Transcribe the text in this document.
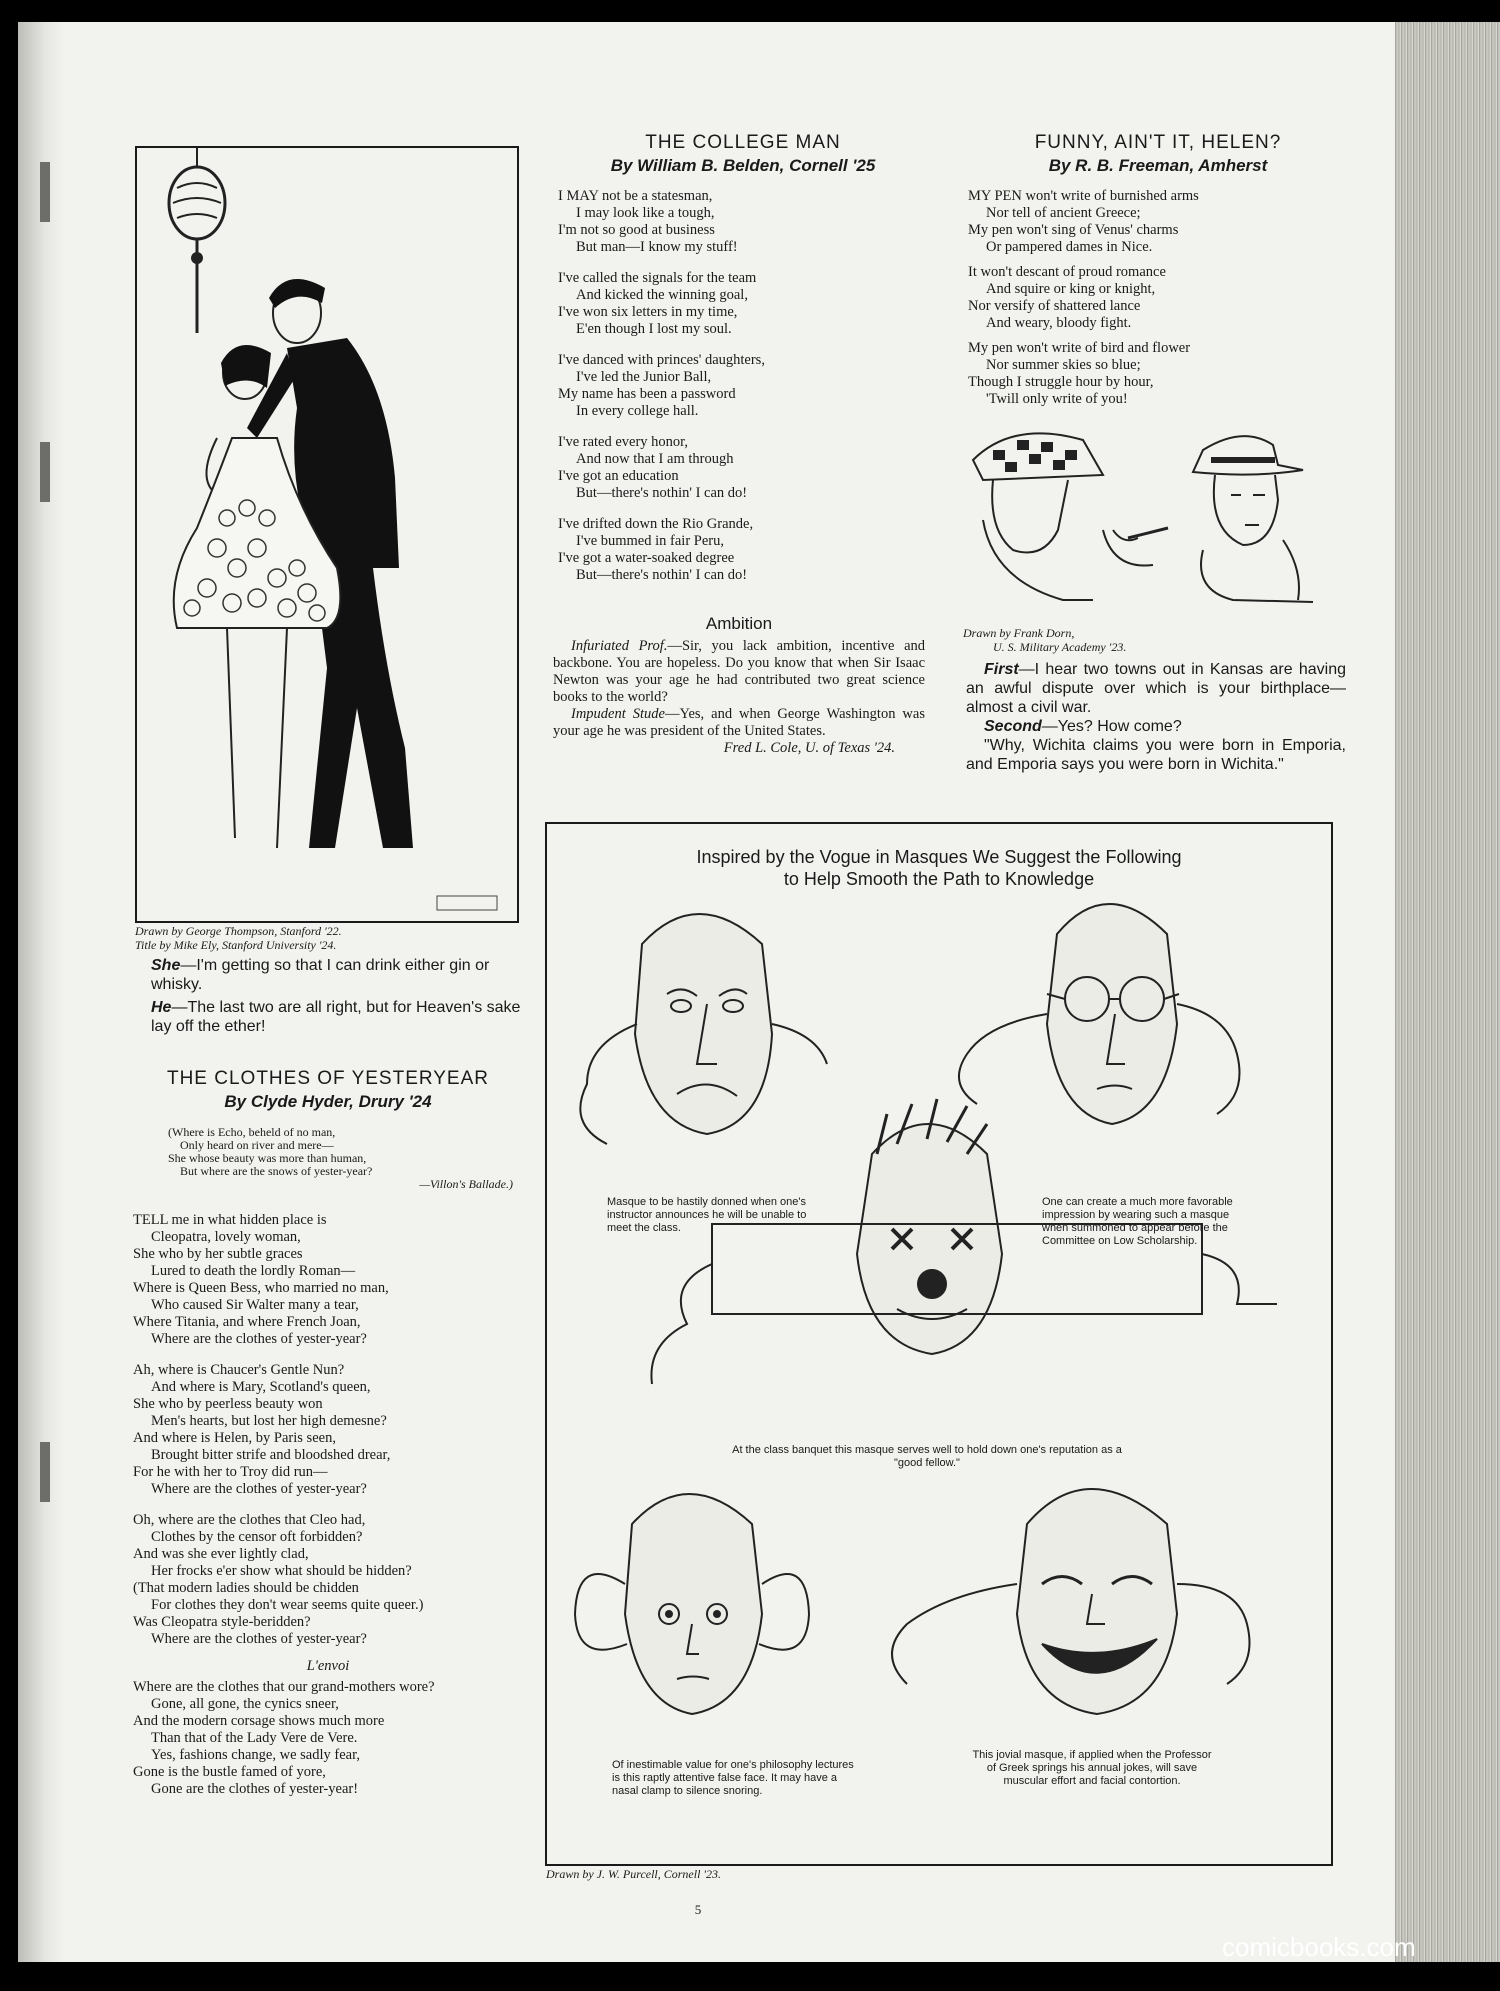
Drawn by George Thompson, Stanford '22.
Title by Mike Ely, Stanford University '24.
She—I'm getting so that I can drink either gin or whisky.
He—The last two are all right, but for Heaven's sake lay off the ether!
THE CLOTHES OF YESTERYEAR
By Clyde Hyder, Drury '24
(Where is Echo, beheld of no man,
Only heard on river and mere—
She whose beauty was more than human,
But where are the snows of yester-year?
—Villon's Ballade.)

TELL me in what hidden place is

Cleopatra, lovely woman,

She who by her subtle graces

Lured to death the lordly Roman—

Where is Queen Bess, who married no man,

Who caused Sir Walter many a tear,

Where Titania, and where French Joan,

Where are the clothes of yester-year?

Ah, where is Chaucer's Gentle Nun?

And where is Mary, Scotland's queen,

She who by peerless beauty won

Men's hearts, but lost her high demesne?

And where is Helen, by Paris seen,

Brought bitter strife and bloodshed drear,

For he with her to Troy did run—

Where are the clothes of yester-year?

Oh, where are the clothes that Cleo had,

Clothes by the censor oft forbidden?

And was she ever lightly clad,

Her frocks e'er show what should be hidden?

(That modern ladies should be chidden

For clothes they don't wear seems quite queer.)

Was Cleopatra style-beridden?

Where are the clothes of yester-year?

L'envoi

Where are the clothes that our grand-mothers wore?

Gone, all gone, the cynics sneer,

And the modern corsage shows much more

Than that of the Lady Vere de Vere.

Yes, fashions change, we sadly fear,

Gone is the bustle famed of yore,

Gone are the clothes of yester-year!

THE COLLEGE MAN
By William B. Belden, Cornell '25

I MAY not be a statesman,

I may look like a tough,

I'm not so good at business

But man—I know my stuff!

I've called the signals for the team

And kicked the winning goal,

I've won six letters in my time,

E'en though I lost my soul.

I've danced with princes' daughters,

I've led the Junior Ball,

My name has been a password

In every college hall.

I've rated every honor,

And now that I am through

I've got an education

But—there's nothin' I can do!

I've drifted down the Rio Grande,

I've bummed in fair Peru,

I've got a water-soaked degree

But—there's nothin' I can do!

Ambition

Infuriated Prof.—Sir, you lack ambition, incentive and backbone. You are hopeless. Do you know that when Sir Isaac Newton was your age he had contributed two great science books to the world?

Impudent Stude—Yes, and when George Washington was your age he was president of the United States.

Fred L. Cole, U. of Texas '24.

FUNNY, AIN'T IT, HELEN?
By R. B. Freeman, Amherst

MY PEN won't write of burnished arms

Nor tell of ancient Greece;

My pen won't sing of Venus' charms

Or pampered dames in Nice.

It won't descant of proud romance

And squire or king or knight,

Nor versify of shattered lance

And weary, bloody fight.

My pen won't write of bird and flower

Nor summer skies so blue;

Though I struggle hour by hour,

'Twill only write of you!

Drawn by Frank Dorn,
U. S. Military Academy '23.
First—I hear two towns out in Kansas are having an awful dispute over which is your birthplace—almost a civil war.
Second—Yes? How come?
"Why, Wichita claims you were born in Emporia, and Emporia says you were born in Wichita."
Inspired by the Vogue in Masques We Suggest the Following
to Help Smooth the Path to Knowledge
Masque to be hastily donned when one's instructor announces he will be unable to meet the class.
One can create a much more favorable impression by wearing such a masque when summoned to appear before the Committee on Low Scholarship.
At the class banquet this masque serves well to hold down one's reputation as a "good fellow."
Of inestimable value for one's philosophy lectures is this raptly attentive false face. It may have a nasal clamp to silence snoring.
This jovial masque, if applied when the Professor of Greek springs his annual jokes, will save muscular effort and facial contortion.
Drawn by J. W. Purcell, Cornell '23.
5
comicbooks.com
